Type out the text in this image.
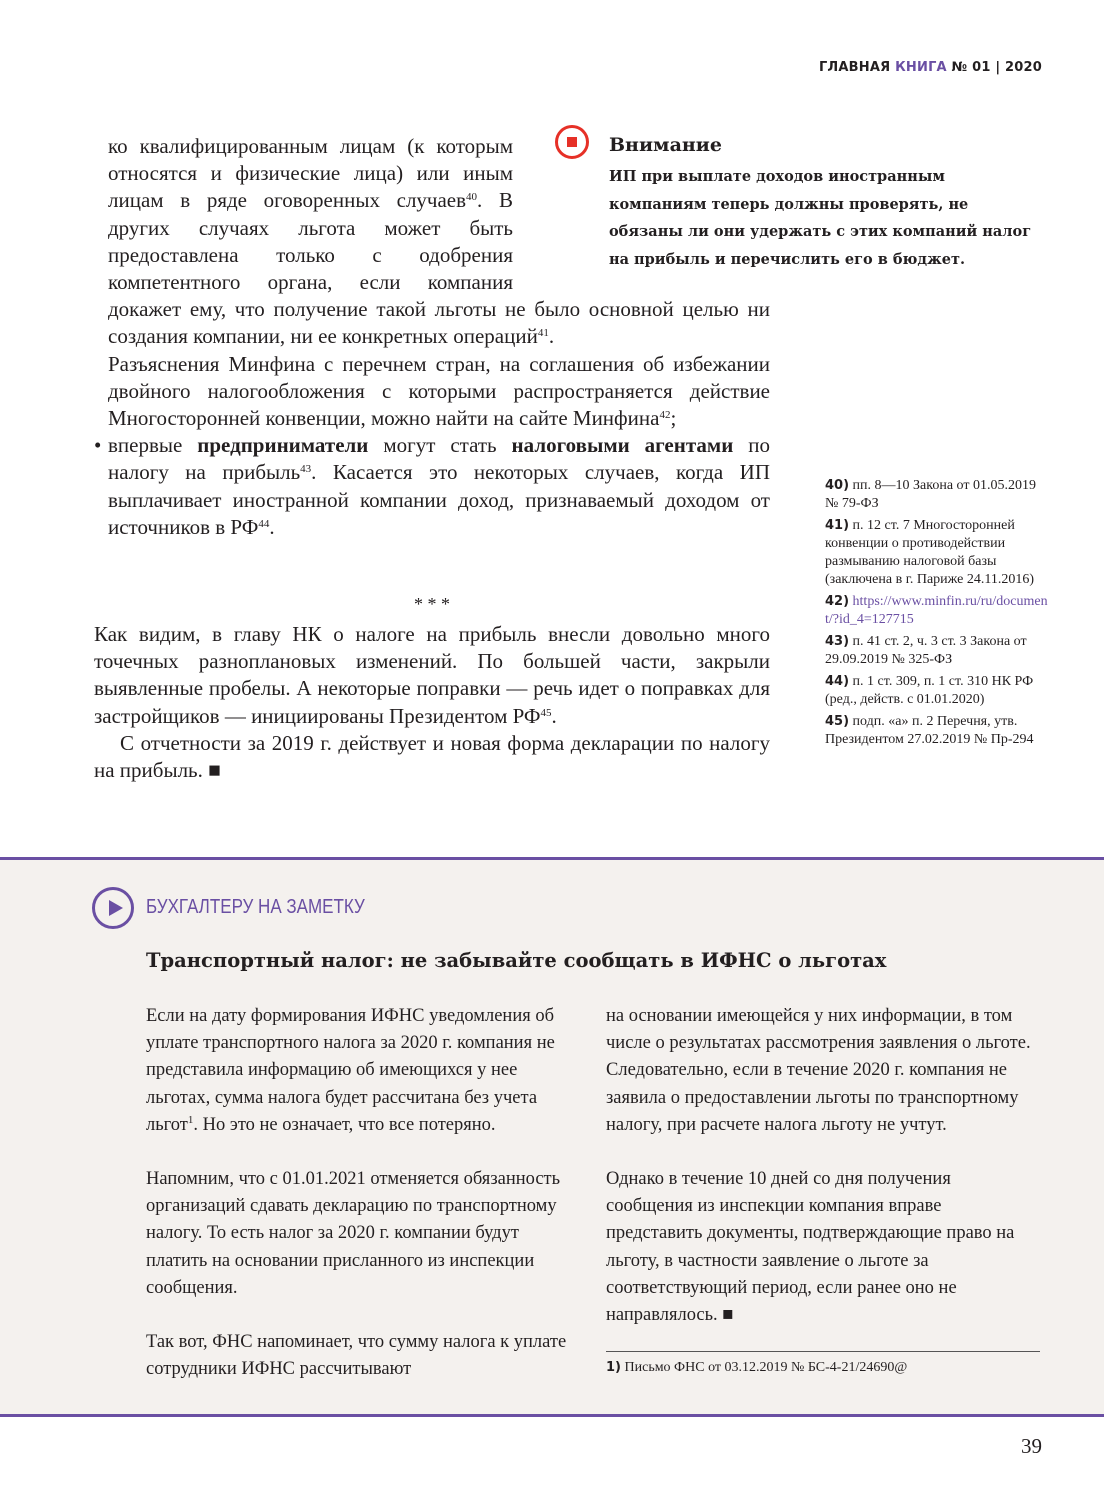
ГЛАВНАЯ КНИГА № 01 | 2020
Внимание
ИП при выплате доходов иностранным компаниям теперь должны проверять, не обязаны ли они удержать с этих компаний налог на прибыль и перечислить его в бюджет.

ко квалифицированным лицам (к которым относятся и физические лица) или иным лицам в ряде оговоренных случаев$^{40}$. В других случаях льгота может быть предоставлена только с одобрения компетентного органа, если компания докажет ему, что получение такой льготы не было основной целью ни создания компании, ни ее конкретных операций$^{41}$.

Разъяснения Минфина с перечнем стран, на соглашения об избежании двойного налогообложения с которыми распространяется действие Многосторонней конвенции, можно найти на сайте Минфина$^{42}$;

• впервые предприниматели могут стать налоговыми агентами по налогу на прибыль$^{43}$. Касается это некоторых случаев, когда ИП выплачивает иностранной компании доход, признаваемый доходом от источников в РФ$^{44}$.

* * *

Как видим, в главу НК о налоге на прибыль внесли довольно много точечных разноплановых изменений. По большей части, закрыли выявленные пробелы. А некоторые поправки — речь идет о поправках для застройщиков — инициированы Президентом РФ$^{45}$.

С отчетности за 2019 г. действует и новая форма декларации по налогу на прибыль. ■

40) пп. 8—10 Закона от 01.05.2019 № 79-ФЗ
41) п. 12 ст. 7 Многосторонней конвенции о противодействии размыванию налоговой базы (заключена в г. Париже 24.11.2016)
42) https://www.minfin.ru/ru/document/?id_4=127715
43) п. 41 ст. 2, ч. 3 ст. 3 Закона от 29.09.2019 № 325-ФЗ
44) п. 1 ст. 309, п. 1 ст. 310 НК РФ (ред., действ. с 01.01.2020)
45) подп. «а» п. 2 Перечня, утв. Президентом 27.02.2019 № Пр-294
БУХГАЛТЕРУ НА ЗАМЕТКУ
Транспортный налог: не забывайте сообщать в ИФНС о льготах

Если на дату формирования ИФНС уведомления об уплате транспортного налога за 2020 г. компания не представила информацию об имеющихся у нее льготах, сумма налога будет рассчитана без учета льгот$^1$. Но это не означает, что все потеряно.

Напомним, что с 01.01.2021 отменяется обязанность организаций сдавать декларацию по транспортному налогу. То есть налог за 2020 г. компании будут платить на основании присланного из инспекции сообщения.

Так вот, ФНС напоминает, что сумму налога к уплате сотрудники ИФНС рассчитывают

на основании имеющейся у них информации, в том числе о результатах рассмотрения заявления о льготе. Следовательно, если в течение 2020 г. компания не заявила о предоставлении льготы по транспортному налогу, при расчете налога льготу не учтут.

Однако в течение 10 дней со дня получения сообщения из инспекции компания вправе представить документы, подтверждающие право на льготу, в частности заявление о льготе за соответствующий период, если ранее оно не направлялось. ■

1) Письмо ФНС от 03.12.2019 № БС-4-21/24690@
39
